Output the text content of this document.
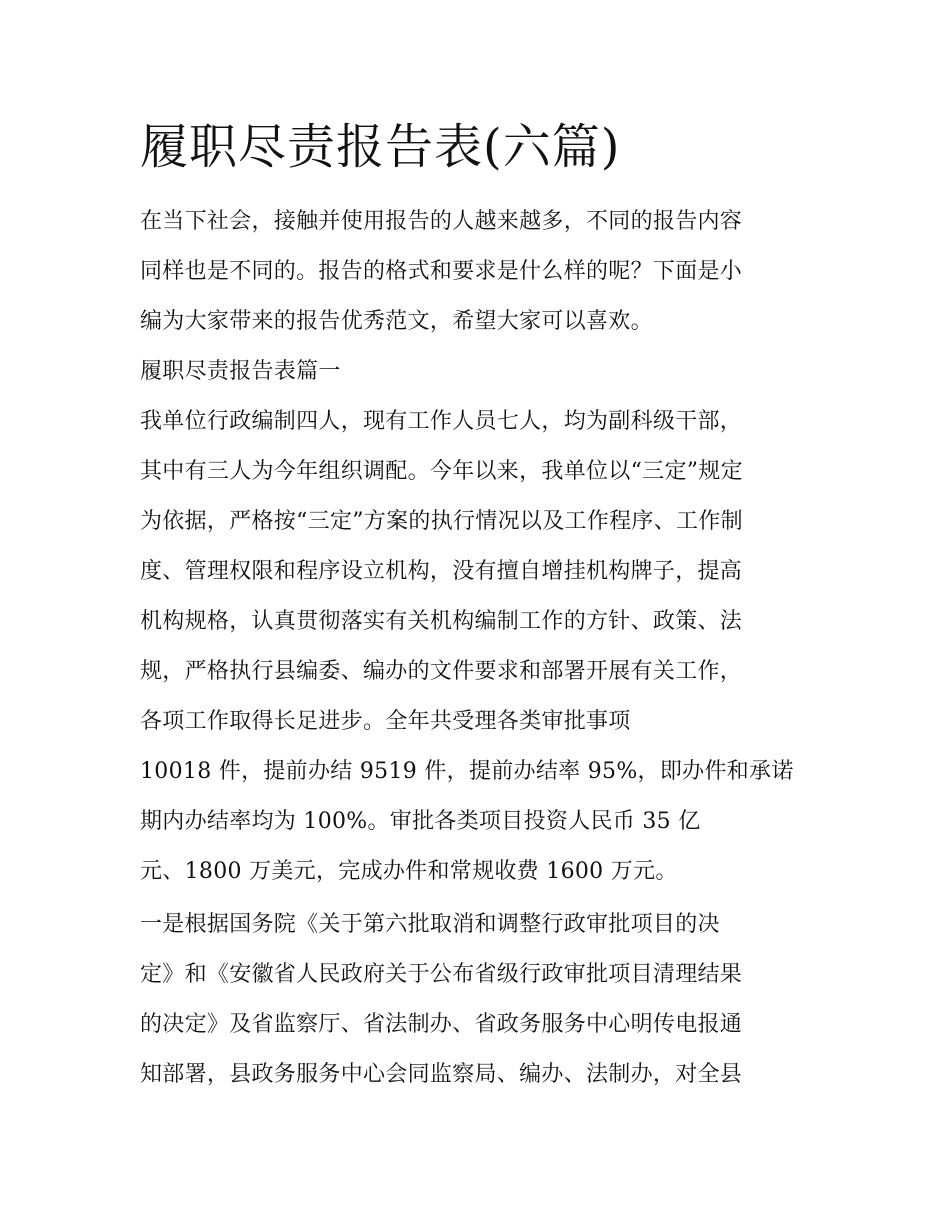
履职尽责报告表(六篇)

在当下社会，接触并使用报告的人越来越多，不同的报告内容

同样也是不同的。报告的格式和要求是什么样的呢？下面是小

编为大家带来的报告优秀范文，希望大家可以喜欢。

履职尽责报告表篇一

我单位行政编制四人，现有工作人员七人，均为副科级干部，

其中有三人为今年组织调配。今年以来，我单位以“三定”规定

为依据，严格按“三定”方案的执行情况以及工作程序、工作制

度、管理权限和程序设立机构，没有擅自增挂机构牌子，提高

机构规格，认真贯彻落实有关机构编制工作的方针、政策、法

规，严格执行县编委、编办的文件要求和部署开展有关工作，

各项工作取得长足进步。全年共受理各类审批事项

10018 件，提前办结 9519 件，提前办结率 95%，即办件和承诺

期内办结率均为 100%。审批各类项目投资人民币 35 亿

元、1800 万美元，完成办件和常规收费 1600 万元。

一是根据国务院《关于第六批取消和调整行政审批项目的决

定》和《安徽省人民政府关于公布省级行政审批项目清理结果

的决定》及省监察厅、省法制办、省政务服务中心明传电报通

知部署，县政务服务中心会同监察局、编办、法制办，对全县
